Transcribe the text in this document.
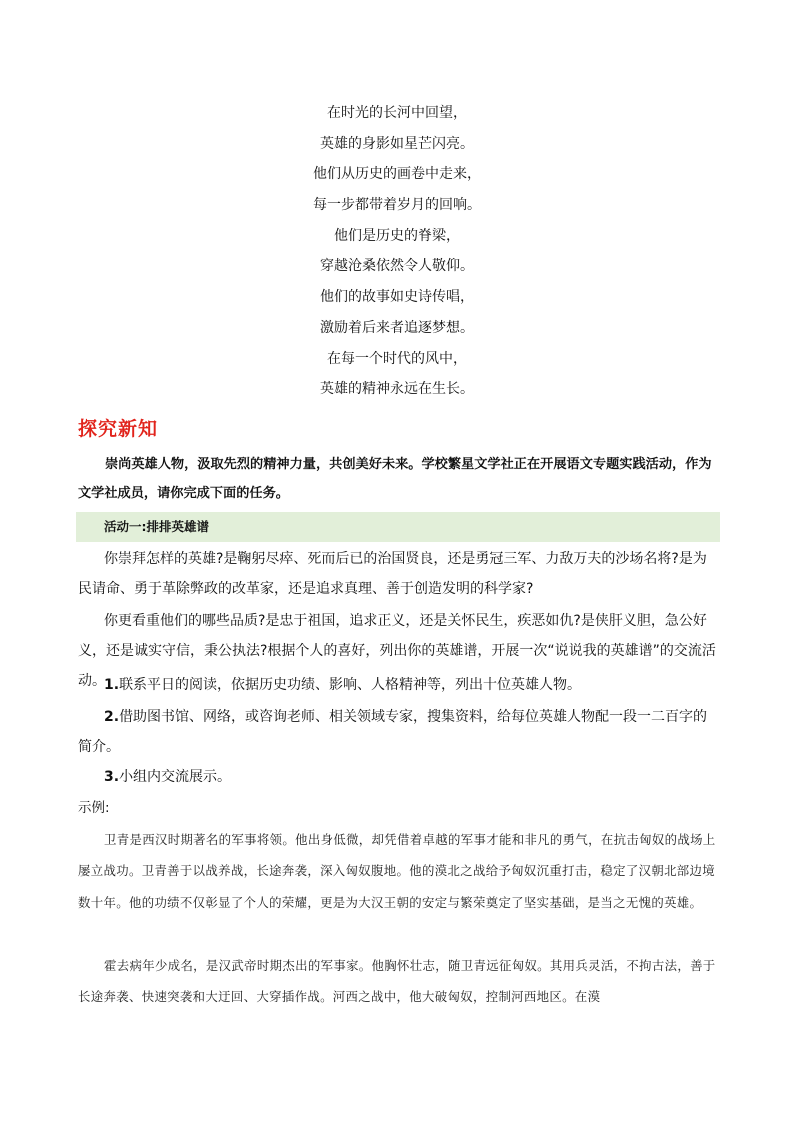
在时光的长河中回望，
英雄的身影如星芒闪亮。
他们从历史的画卷中走来，
每一步都带着岁月的回响。
他们是历史的脊梁，
穿越沧桑依然令人敬仰。
他们的故事如史诗传唱，
激励着后来者追逐梦想。
在每一个时代的风中，
英雄的精神永远在生长。
探究新知
崇尚英雄人物，汲取先烈的精神力量，共创美好未来。学校繁星文学社正在开展语文专题实践活动，作为文学社成员，请你完成下面的任务。
活动一:排排英雄谱
你崇拜怎样的英雄?是鞠躬尽瘁、死而后已的治国贤良，还是勇冠三军、力敌万夫的沙场名将?是为民请命、勇于革除弊政的改革家，还是追求真理、善于创造发明的科学家?
你更看重他们的哪些品质?是忠于祖国，追求正义，还是关怀民生，疾恶如仇?是侠肝义胆，急公好义，还是诚实守信，秉公执法?根据个人的喜好，列出你的英雄谱，开展一次“说说我的英雄谱”的交流活动。
1.联系平日的阅读，依据历史功绩、影响、人格精神等，列出十位英雄人物。
2.借助图书馆、网络，或咨询老师、相关领域专家，搜集资料，给每位英雄人物配一段一二百字的简介。
3.小组内交流展示。
示例:
卫青是西汉时期著名的军事将领。他出身低微，却凭借着卓越的军事才能和非凡的勇气，在抗击匈奴的战场上屡立战功。卫青善于以战养战，长途奔袭，深入匈奴腹地。他的漠北之战给予匈奴沉重打击，稳定了汉朝北部边境数十年。他的功绩不仅彰显了个人的荣耀，更是为大汉王朝的安定与繁荣奠定了坚实基础，是当之无愧的英雄。
霍去病年少成名，是汉武帝时期杰出的军事家。他胸怀壮志，随卫青远征匈奴。其用兵灵活，不拘古法，善于长途奔袭、快速突袭和大迂回、大穿插作战。河西之战中，他大破匈奴，控制河西地区。在漠
